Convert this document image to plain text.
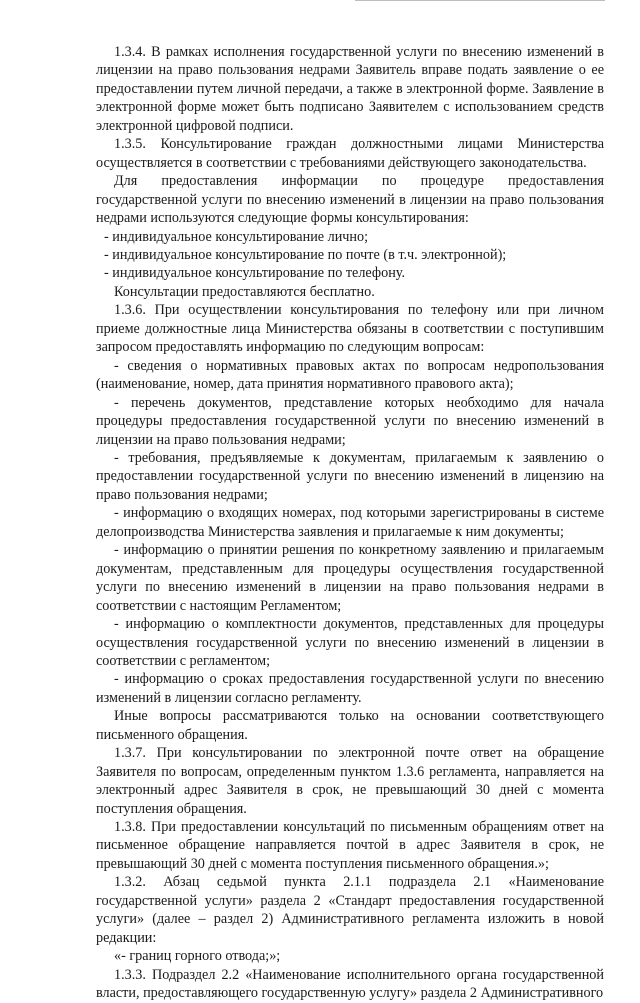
1.3.4. В рамках исполнения государственной услуги по внесению изменений в лицензии на право пользования недрами Заявитель вправе подать заявление о ее предоставлении путем личной передачи, а также в электронной форме. Заявление в электронной форме может быть подписано Заявителем с использованием средств электронной цифровой подписи.

1.3.5. Консультирование граждан должностными лицами Министерства осуществляется в соответствии с требованиями действующего законодательства.

Для предоставления информации по процедуре предоставления государственной услуги по внесению изменений в лицензии на право пользования недрами используются следующие формы консультирования:

- индивидуальное консультирование лично;

- индивидуальное консультирование по почте (в т.ч. электронной);

- индивидуальное консультирование по телефону.

Консультации предоставляются бесплатно.

1.3.6. При осуществлении консультирования по телефону или при личном приеме должностные лица Министерства обязаны в соответствии с поступившим запросом предоставлять информацию по следующим вопросам:

- сведения о нормативных правовых актах по вопросам недропользования (наименование, номер, дата принятия нормативного правового акта);

- перечень документов, представление которых необходимо для начала процедуры предоставления государственной услуги по внесению изменений в лицензии на право пользования недрами;

- требования, предъявляемые к документам, прилагаемым к заявлению о предоставлении государственной услуги по внесению изменений в лицензию на право пользования недрами;

- информацию о входящих номерах, под которыми зарегистрированы в системе делопроизводства Министерства заявления и прилагаемые к ним документы;

- информацию о принятии решения по конкретному заявлению и прилагаемым документам, представленным для процедуры осуществления государственной услуги по внесению изменений в лицензии на право пользования недрами в соответствии с настоящим Регламентом;

- информацию о комплектности документов, представленных для процедуры осуществления государственной услуги по внесению изменений в лицензии в соответствии с регламентом;

- информацию о сроках предоставления государственной услуги по внесению изменений в лицензии согласно регламенту.

Иные вопросы рассматриваются только на основании соответствующего письменного обращения.

1.3.7. При консультировании по электронной почте ответ на обращение Заявителя по вопросам, определенным пунктом 1.3.6 регламента, направляется на электронный адрес Заявителя в срок, не превышающий 30 дней с момента поступления обращения.

1.3.8. При предоставлении консультаций по письменным обращениям ответ на письменное обращение направляется почтой в адрес Заявителя в срок, не превышающий 30 дней с момента поступления письменного обращения.»;

1.3.2. Абзац седьмой пункта 2.1.1 подраздела 2.1 «Наименование государственной услуги» раздела 2 «Стандарт предоставления государственной услуги» (далее – раздел 2) Административного регламента изложить в новой редакции:

«- границ горного отвода;»;

1.3.3. Подраздел 2.2 «Наименование исполнительного органа государственной власти, предоставляющего государственную услугу» раздела 2 Административного
